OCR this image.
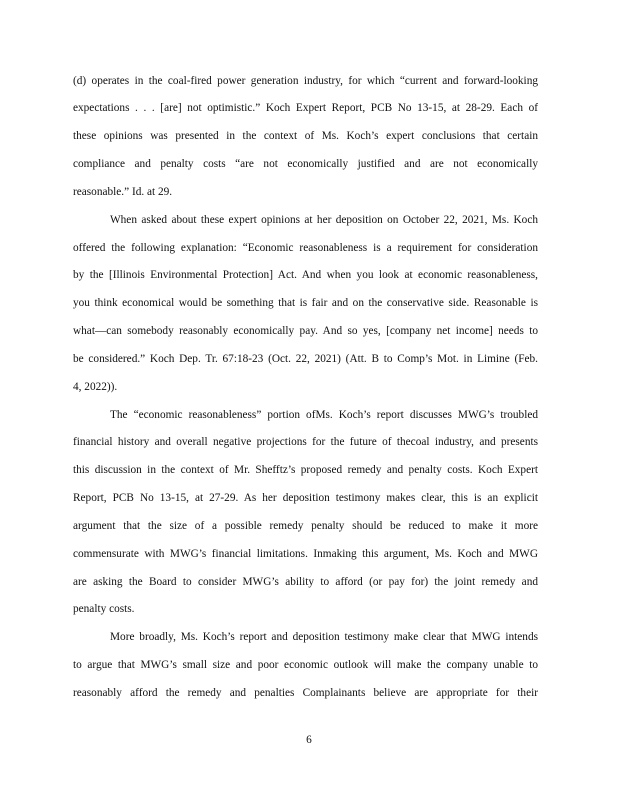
(d) operates in the coal-fired power generation industry, for which “current and forward-looking
expectations . . . [are] not optimistic.” Koch Expert Report, PCB No 13-15, at 28-29. Each of
these opinions was presented in the context of Ms. Koch’s expert conclusions that certain
compliance and penalty costs “are not economically justified and are not economically
reasonable.” Id. at 29.
When asked about these expert opinions at her deposition on October 22, 2021, Ms. Koch
offered the following explanation: “Economic reasonableness is a requirement for consideration
by the [Illinois Environmental Protection] Act. And when you look at economic reasonableness,
you think economical would be something that is fair and on the conservative side. Reasonable is
what—can somebody reasonably economically pay. And so yes, [company net income] needs to
be considered.” Koch Dep. Tr. 67:18-23 (Oct. 22, 2021) (Att. B to Comp’s Mot. in Limine (Feb.
4, 2022)).
The “economic reasonableness” portion ofMs. Koch’s report discusses MWG’s troubled
financial history and overall negative projections for the future of thecoal industry, and presents
this discussion in the context of Mr. Shefftz’s proposed remedy and penalty costs. Koch Expert
Report, PCB No 13-15, at 27-29. As her deposition testimony makes clear, this is an explicit
argument that the size of a possible remedy penalty should be reduced to make it more
commensurate with MWG’s financial limitations. Inmaking this argument, Ms. Koch and MWG
are asking the Board to consider MWG’s ability to afford (or pay for) the joint remedy and
penalty costs.
More broadly, Ms. Koch’s report and deposition testimony make clear that MWG intends
to argue that MWG’s small size and poor economic outlook will make the company unable to
reasonably afford the remedy and penalties Complainants believe are appropriate for their
6
